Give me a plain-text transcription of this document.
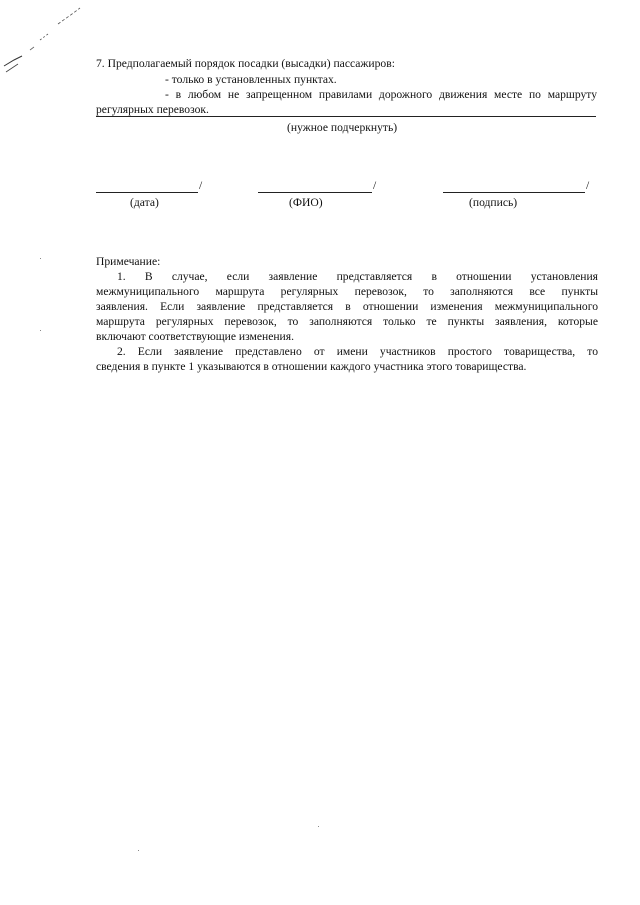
7. Предполагаемый порядок посадки (высадки) пассажиров:
- только в установленных пунктах.
- в любом не запрещенном правилами дорожного движения месте по маршруту
регулярных перевозок.
(нужное подчеркнуть)
/	/	/
(дата)	(ФИО)	(подпись)
Примечание:
1. В случае, если заявление представляется в отношении установления
межмуниципального маршрута регулярных перевозок, то заполняются все пункты
заявления. Если заявление представляется в отношении изменения межмуниципального
маршрута регулярных перевозок, то заполняются только те пункты заявления, которые
включают соответствующие изменения.
2. Если заявление представлено от имени участников простого товарищества, то
сведения в пункте 1 указываются в отношении каждого участника этого товарищества.
